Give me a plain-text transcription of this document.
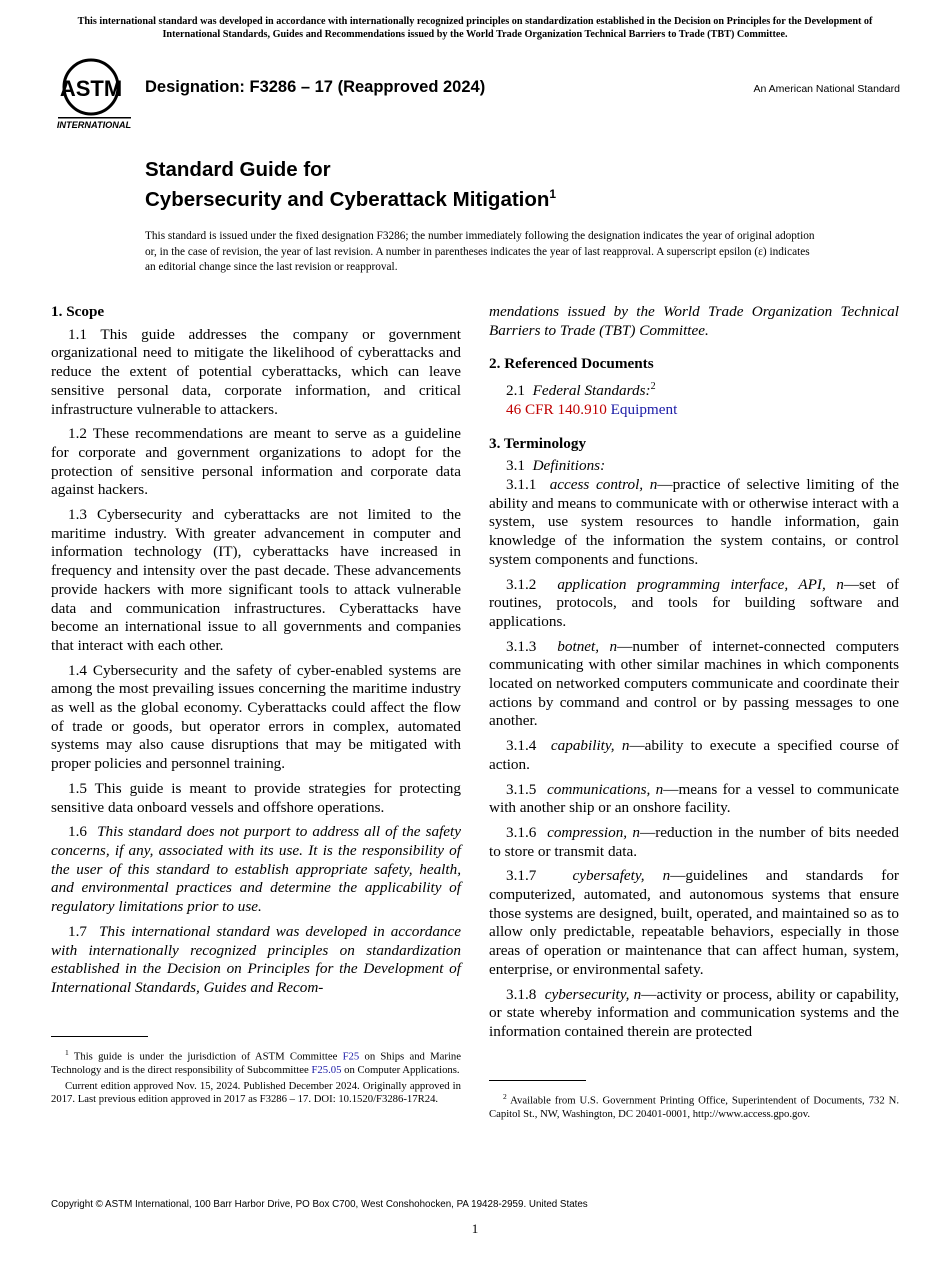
This international standard was developed in accordance with internationally recognized principles on standardization established in the Decision on Principles for the Development of International Standards, Guides and Recommendations issued by the World Trade Organization Technical Barriers to Trade (TBT) Committee.
ASTM
INTERNATIONAL
Designation: F3286 – 17 (Reapproved 2024)	An American National Standard
Standard Guide for
Cybersecurity and Cyberattack Mitigation$^1$
This standard is issued under the fixed designation F3286; the number immediately following the designation indicates the year of original adoption or, in the case of revision, the year of last revision. A number in parentheses indicates the year of last reapproval. A superscript epsilon (ε) indicates an editorial change since the last revision or reapproval.
1. Scope

1.1 This guide addresses the company or government organizational need to mitigate the likelihood of cyberattacks and reduce the extent of potential cyberattacks, which can leave sensitive personal data, corporate information, and critical infrastructure vulnerable to attackers.

1.2 These recommendations are meant to serve as a guideline for corporate and government organizations to adopt for the protection of sensitive personal information and corporate data against hackers.

1.3 Cybersecurity and cyberattacks are not limited to the maritime industry. With greater advancement in computer and information technology (IT), cyberattacks have increased in frequency and intensity over the past decade. These advancements provide hackers with more significant tools to attack vulnerable data and communication infrastructures. Cyberattacks have become an international issue to all governments and companies that interact with each other.

1.4 Cybersecurity and the safety of cyber-enabled systems are among the most prevailing issues concerning the maritime industry as well as the global economy. Cyberattacks could affect the flow of trade or goods, but operator errors in complex, automated systems may also cause disruptions that may be mitigated with proper policies and personnel training.

1.5 This guide is meant to provide strategies for protecting sensitive data onboard vessels and offshore operations.

1.6 This standard does not purport to address all of the safety concerns, if any, associated with its use. It is the responsibility of the user of this standard to establish appropriate safety, health, and environmental practices and determine the applicability of regulatory limitations prior to use.

1.7 This international standard was developed in accordance with internationally recognized principles on standardization established in the Decision on Principles for the Development of International Standards, Guides and Recom-

mendations issued by the World Trade Organization Technical Barriers to Trade (TBT) Committee.

2. Referenced Documents

2.1 Federal Standards:$^2$

46 CFR 140.910 Equipment

3. Terminology

3.1 Definitions:

3.1.1 access control, n—practice of selective limiting of the ability and means to communicate with or otherwise interact with a system, use system resources to handle information, gain knowledge of the information the system contains, or control system components and functions.

3.1.2 application programming interface, API, n—set of routines, protocols, and tools for building software and applications.

3.1.3 botnet, n—number of internet-connected computers communicating with other similar machines in which components located on networked computers communicate and coordinate their actions by command and control or by passing messages to one another.

3.1.4 capability, n—ability to execute a specified course of action.

3.1.5 communications, n—means for a vessel to communicate with another ship or an onshore facility.

3.1.6 compression, n—reduction in the number of bits needed to store or transmit data.

3.1.7 cybersafety, n—guidelines and standards for computerized, automated, and autonomous systems that ensure those systems are designed, built, operated, and maintained so as to allow only predictable, repeatable behaviors, especially in those areas of operation or maintenance that can affect human, system, enterprise, or environmental safety.

3.1.8 cybersecurity, n—activity or process, ability or capability, or state whereby information and communication systems and the information contained therein are protected

$^1$ This guide is under the jurisdiction of ASTM Committee F25 on Ships and Marine Technology and is the direct responsibility of Subcommittee F25.05 on Computer Applications.

Current edition approved Nov. 15, 2024. Published December 2024. Originally approved in 2017. Last previous edition approved in 2017 as F3286 – 17. DOI: 10.1520/F3286-17R24.	$^2$ Available from U.S. Government Printing Office, Superintendent of Documents, 732 N. Capitol St., NW, Washington, DC 20401-0001, http://www.access.gpo.gov.

Copyright © ASTM International, 100 Barr Harbor Drive, PO Box C700, West Conshohocken, PA 19428-2959. United States
1
